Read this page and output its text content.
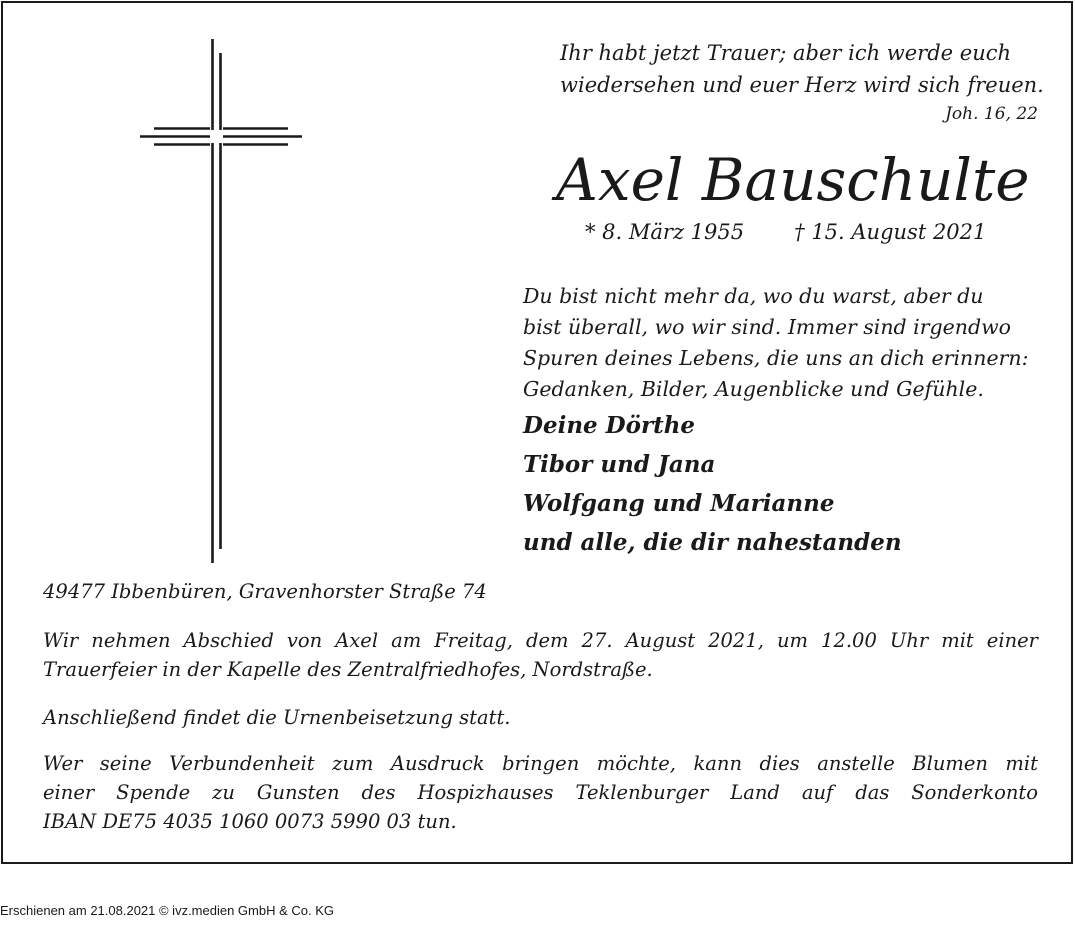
Ihr habt jetzt Trauer; aber ich werde euch
wiedersehen und euer Herz wird sich freuen.
Joh. 16, 22
Axel Bauschulte
* 8. März 1955 † 15. August 2021
Du bist nicht mehr da, wo du warst, aber du
bist überall, wo wir sind. Immer sind irgendwo
Spuren deines Lebens, die uns an dich erinnern:
Gedanken, Bilder, Augenblicke und Gefühle.
Deine Dörthe
Tibor und Jana
Wolfgang und Marianne
und alle, die dir nahestanden
49477 Ibbenbüren, Gravenhorster Straße 74
Wir nehmen Abschied von Axel am Freitag, dem 27. August 2021, um 12.00 Uhr mit einer
Trauerfeier in der Kapelle des Zentralfriedhofes, Nordstraße.
Anschließend findet die Urnenbeisetzung statt.
Wer seine Verbundenheit zum Ausdruck bringen möchte, kann dies anstelle Blumen mit
einer Spende zu Gunsten des Hospizhauses Teklenburger Land auf das Sonderkonto
IBAN DE75 4035 1060 0073 5990 03 tun.
Erschienen am 21.08.2021 © ivz.medien GmbH & Co. KG
